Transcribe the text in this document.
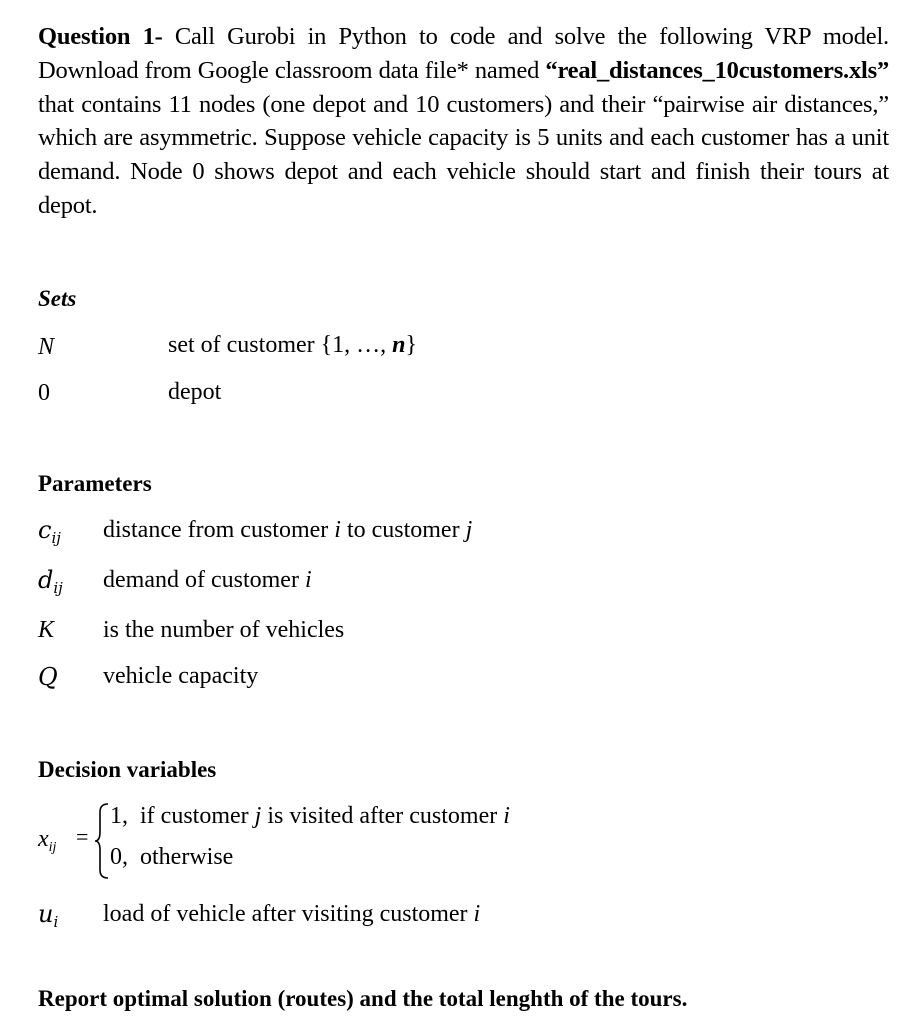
Question 1- Call Gurobi in Python to code and solve the following VRP model. Download from Google classroom data file* named “real_distances_10customers.xls” that contains 11 nodes (one depot and 10 customers) and their “pairwise air distances,” which are asymmetric. Suppose vehicle capacity is 5 units and each customer has a unit demand. Node 0 shows depot and each vehicle should start and finish their tours at depot.
Sets
N	set of customer {1, …, n}
0	depot
Parameters
$c_{ij}$ distance from customer i to customer j
$d_{ij}$ demand of customer i
K is the number of vehicles
Q vehicle capacity
Decision variables
$x_{ij}$ =
1, if customer j is visited after customer i
0, otherwise
$u_i$ load of vehicle after visiting customer i
Report optimal solution (routes) and the total lenghth of the tours.
